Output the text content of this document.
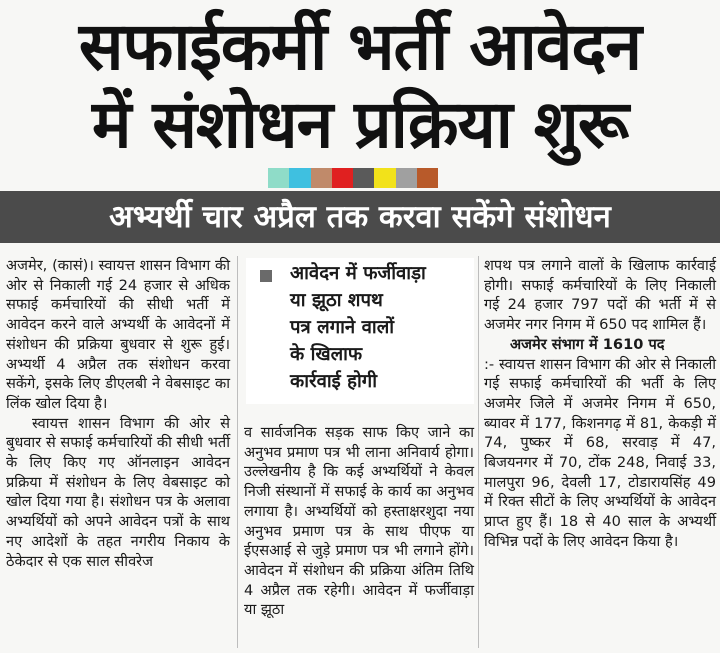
सफाईकर्मी भर्ती आवेदन
में संशोधन प्रक्रिया शुरू
अभ्यर्थी चार अप्रैल तक करवा सकेंगे संशोधन

अजमेर, (कासं)। स्वायत्त शासन विभाग की ओर से निकाली गई 24 हजार से अधिक सफाई कर्मचारियों की सीधी भर्ती में आवेदन करने वाले अभ्यर्थी के आवेदनों में संशोधन की प्रक्रिया बुधवार से शुरू हुई। अभ्यर्थी 4 अप्रैल तक संशोधन करवा सकेंगे, इसके लिए डीएलबी ने वेबसाइट का लिंक खोल दिया है।

स्वायत्त शासन विभाग की ओर से बुधवार से सफाई कर्मचारियों की सीधी भर्ती के लिए किए गए ऑनलाइन आवेदन प्रक्रिया में संशोधन के लिए वेबसाइट को खोल दिया गया है। संशोधन पत्र के अलावा अभ्यर्थियों को अपने आवेदन पत्रों के साथ नए आदेशों के तहत नगरीय निकाय के ठेकेदार से एक साल सीवरेज

आवेदन में फर्जीवाड़ा
या झूठा शपथ
पत्र लगाने वालों
के खिलाफ
कार्रवाई होगी

व सार्वजनिक सड़क साफ किए जाने का अनुभव प्रमाण पत्र भी लाना अनिवार्य होगा। उल्लेखनीय है कि कई अभ्यर्थियों ने केवल निजी संस्थानों में सफाई के कार्य का अनुभव लगाया है। अभ्यर्थियों को हस्ताक्षरशुदा नया अनुभव प्रमाण पत्र के साथ पीएफ या ईएसआई से जुड़े प्रमाण पत्र भी लगाने होंगे। आवेदन में संशोधन की प्रक्रिया अंतिम तिथि 4 अप्रैल तक रहेगी। आवेदन में फर्जीवाड़ा या झूठा

शपथ पत्र लगाने वालों के खिलाफ कार्रवाई होगी। सफाई कर्मचारियों के लिए निकाली गई 24 हजार 797 पदों की भर्ती में से अजमेर नगर निगम में 650 पद शामिल हैं।

अजमेर संभाग में 1610 पद

:- स्वायत्त शासन विभाग की ओर से निकाली गई सफाई कर्मचारियों की भर्ती के लिए अजमेर जिले में अजमेर निगम में 650, ब्यावर में 177, किशनगढ़ में 81, केकड़ी में 74, पुष्कर में 68, सरवाड़ में 47, बिजयनगर में 70, टोंक 248, निवाई 33, मालपुरा 96, देवली 17, टोडारायसिंह 49 में रिक्त सीटों के लिए अभ्यर्थियों के आवेदन प्राप्त हुए हैं। 18 से 40 साल के अभ्यर्थी विभिन्न पदों के लिए आवेदन किया है।
